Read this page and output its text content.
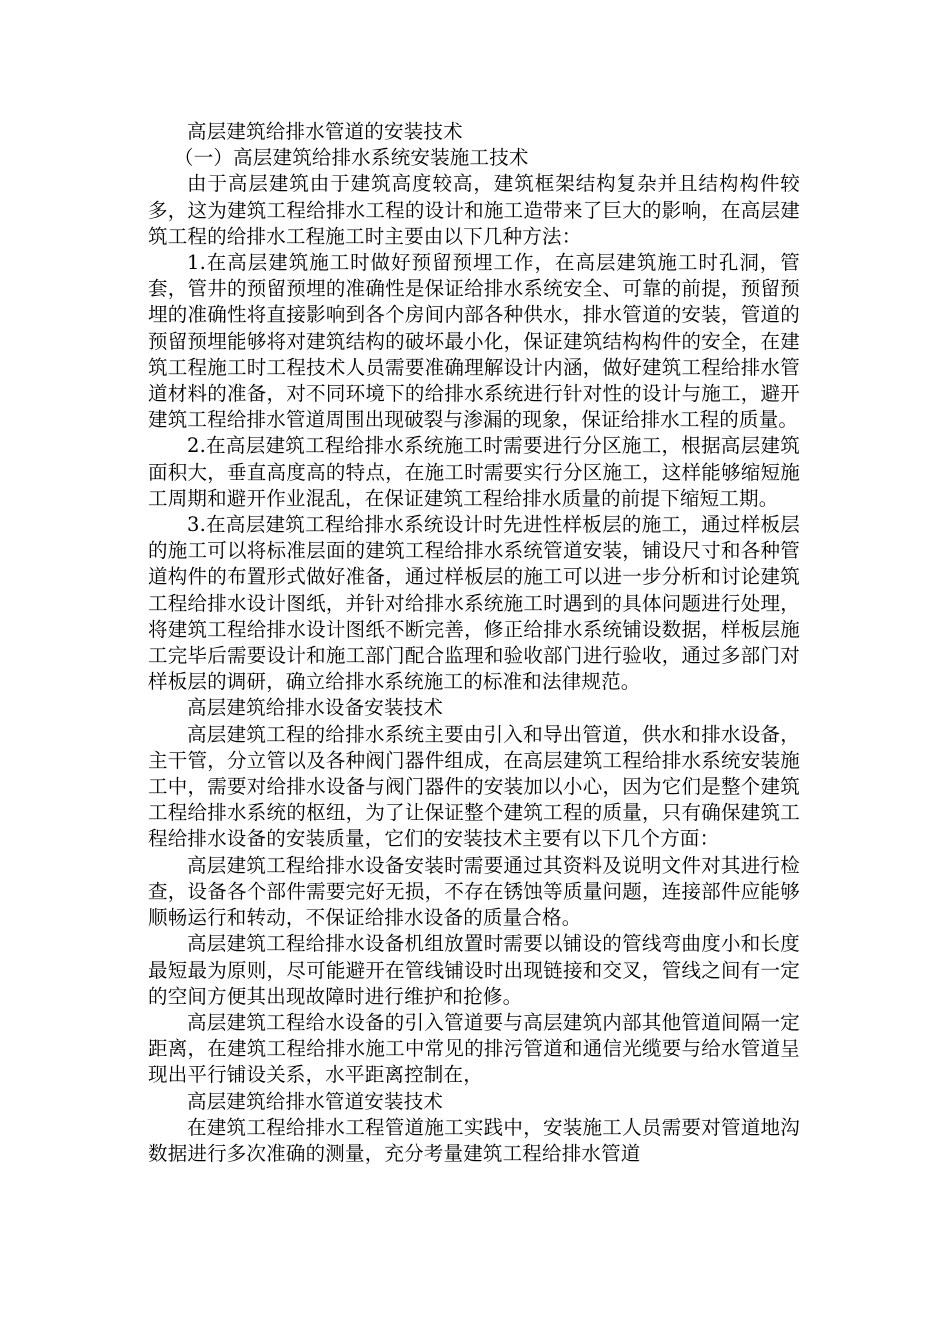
高层建筑给排水管道的安装技术

（一）高层建筑给排水系统安装施工技术

由于高层建筑由于建筑高度较高，建筑框架结构复杂并且结构构件较多，这为建筑工程给排水工程的设计和施工造带来了巨大的影响，在高层建筑工程的给排水工程施工时主要由以下几种方法：

1.在高层建筑施工时做好预留预埋工作，在高层建筑施工时孔洞，管套，管井的预留预埋的准确性是保证给排水系统安全、可靠的前提，预留预埋的准确性将直接影响到各个房间内部各种供水，排水管道的安装，管道的预留预埋能够将对建筑结构的破坏最小化，保证建筑结构构件的安全，在建筑工程施工时工程技术人员需要准确理解设计内涵，做好建筑工程给排水管道材料的准备，对不同环境下的给排水系统进行针对性的设计与施工，避开建筑工程给排水管道周围出现破裂与渗漏的现象，保证给排水工程的质量。

2.在高层建筑工程给排水系统施工时需要进行分区施工，根据高层建筑面积大，垂直高度高的特点，在施工时需要实行分区施工，这样能够缩短施工周期和避开作业混乱，在保证建筑工程给排水质量的前提下缩短工期。

3.在高层建筑工程给排水系统设计时先进性样板层的施工，通过样板层的施工可以将标准层面的建筑工程给排水系统管道安装，铺设尺寸和各种管道构件的布置形式做好准备，通过样板层的施工可以进一步分析和讨论建筑工程给排水设计图纸，并针对给排水系统施工时遇到的具体问题进行处理，将建筑工程给排水设计图纸不断完善，修正给排水系统铺设数据，样板层施工完毕后需要设计和施工部门配合监理和验收部门进行验收，通过多部门对样板层的调研，确立给排水系统施工的标准和法律规范。

高层建筑给排水设备安装技术

高层建筑工程的给排水系统主要由引入和导出管道，供水和排水设备，主干管，分立管以及各种阀门器件组成，在高层建筑工程给排水系统安装施工中，需要对给排水设备与阀门器件的安装加以小心，因为它们是整个建筑工程给排水系统的枢纽，为了让保证整个建筑工程的质量，只有确保建筑工程给排水设备的安装质量，它们的安装技术主要有以下几个方面：

高层建筑工程给排水设备安装时需要通过其资料及说明文件对其进行检查，设备各个部件需要完好无损，不存在锈蚀等质量问题，连接部件应能够顺畅运行和转动，不保证给排水设备的质量合格。

高层建筑工程给排水设备机组放置时需要以铺设的管线弯曲度小和长度最短最为原则，尽可能避开在管线铺设时出现链接和交叉，管线之间有一定的空间方便其出现故障时进行维护和抢修。

高层建筑工程给水设备的引入管道要与高层建筑内部其他管道间隔一定距离，在建筑工程给排水施工中常见的排污管道和通信光缆要与给水管道呈现出平行铺设关系，水平距离控制在，

高层建筑给排水管道安装技术

在建筑工程给排水工程管道施工实践中，安装施工人员需要对管道地沟数据进行多次准确的测量，充分考量建筑工程给排水管道
